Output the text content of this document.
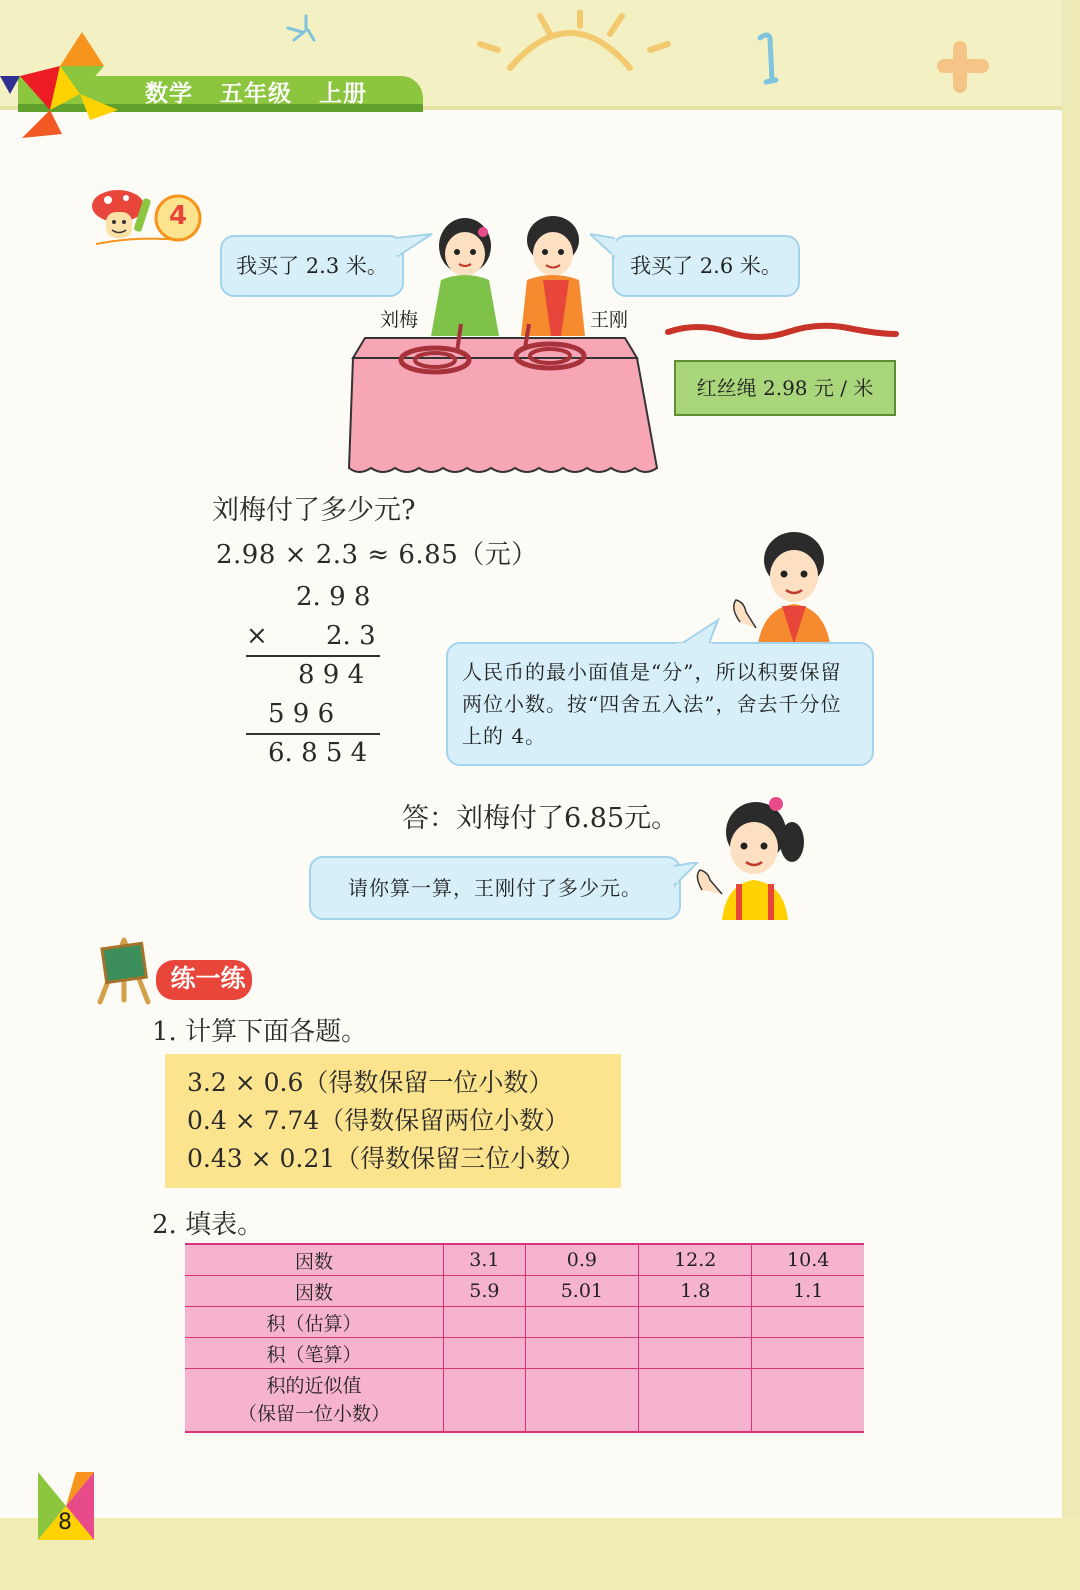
数学   五年级   上册
4
我买了 2.3 米。	我买了 2.6 米。
刘梅	王刚
红丝绳 2.98 元 / 米
刘梅付了多少元?
2.98 × 2.3 ≈ 6.85（元）
2. 9 8
× 2. 3
8 9 4
5 9 6
6. 8 5 4
人民币的最小面值是“分”，所以积要保留两位小数。按“四舍五入法”，舍去千分位上的 4。
答：刘梅付了6.85元。
请你算一算，王刚付了多少元。
练一练
1. 计算下面各题。
3.2 × 0.6（得数保留一位小数）
0.4 × 7.74（得数保留两位小数）
0.43 × 0.21（得数保留三位小数）
2. 填表。
因数	3.1	0.9	12.2	10.4
因数	5.9	5.01	1.8	1.1
积（估算）				
积（笔算）				

积的近似值
（保留一位小数）				

8
